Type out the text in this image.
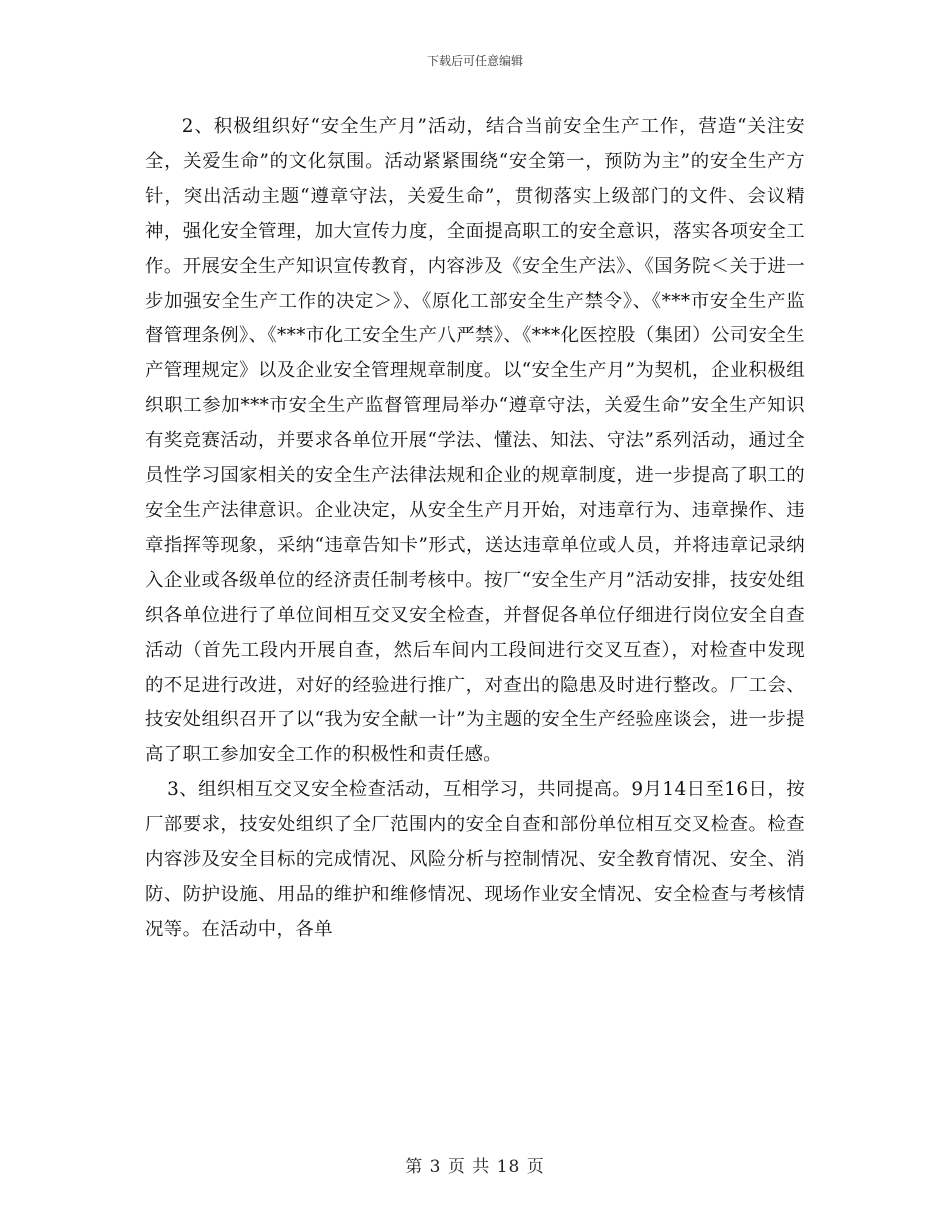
下载后可任意编辑

2、积极组织好“安全生产月”活动，结合当前安全生产工作，营造“关注安全，关爱生命”的文化氛围。活动紧紧围绕“安全第一，预防为主”的安全生产方针，突出活动主题“遵章守法，关爱生命”，贯彻落实上级部门的文件、会议精神，强化安全管理，加大宣传力度，全面提高职工的安全意识，落实各项安全工作。开展安全生产知识宣传教育，内容涉及《安全生产法》、《国务院＜关于进一步加强安全生产工作的决定＞》、《原化工部安全生产禁令》、《***市安全生产监督管理条例》、《***市化工安全生产八严禁》、《***化医控股（集团）公司安全生产管理规定》以及企业安全管理规章制度。以“安全生产月”为契机，企业积极组织职工参加***市安全生产监督管理局举办“遵章守法，关爱生命”安全生产知识有奖竞赛活动，并要求各单位开展“学法、懂法、知法、守法”系列活动，通过全员性学习国家相关的安全生产法律法规和企业的规章制度，进一步提高了职工的安全生产法律意识。企业决定，从安全生产月开始，对违章行为、违章操作、违章指挥等现象，采纳“违章告知卡”形式，送达违章单位或人员，并将违章记录纳入企业或各级单位的经济责任制考核中。按厂“安全生产月”活动安排，技安处组织各单位进行了单位间相互交叉安全检查，并督促各单位仔细进行岗位安全自查活动（首先工段内开展自查，然后车间内工段间进行交叉互查），对检查中发现的不足进行改进，对好的经验进行推广，对查出的隐患及时进行整改。厂工会、技安处组织召开了以“我为安全献一计”为主题的安全生产经验座谈会，进一步提高了职工参加安全工作的积极性和责任感。

3、组织相互交叉安全检查活动，互相学习，共同提高。9月14日至16日，按厂部要求，技安处组织了全厂范围内的安全自查和部份单位相互交叉检查。检查内容涉及安全目标的完成情况、风险分析与控制情况、安全教育情况、安全、消防、防护设施、用品的维护和维修情况、现场作业安全情况、安全检查与考核情况等。在活动中，各单

第 3 页 共 18 页
